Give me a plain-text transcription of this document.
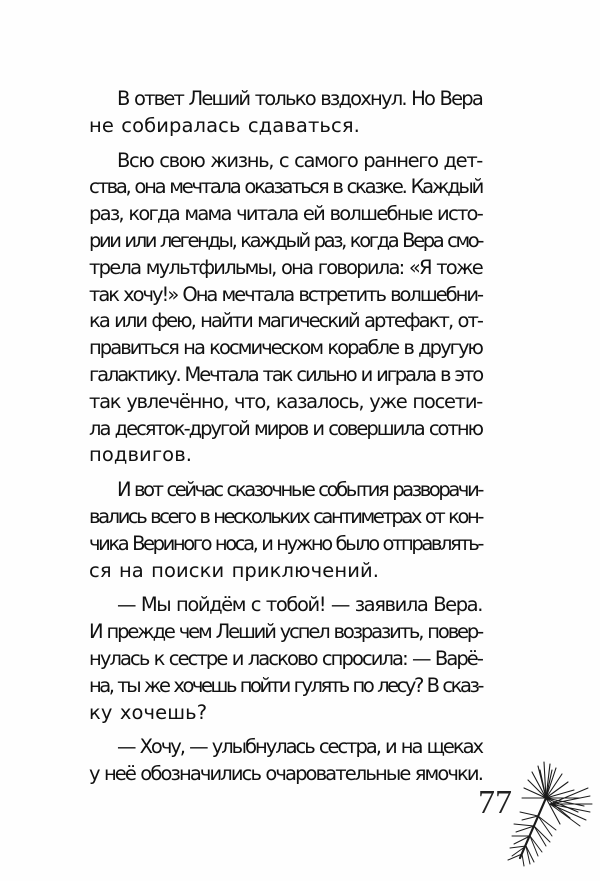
В ответ Леший только вздохнул. Но Вера
не собиралась сдаваться.

Всю свою жизнь, с самого раннего дет-
ства, она мечтала оказаться в сказке. Каждый
раз, когда мама читала ей волшебные исто-
рии или легенды, каждый раз, когда Вера смо-
трела мультфильмы, она говорила: «Я тоже
так хочу!» Она мечтала встретить волшебни-
ка или фею, найти магический артефакт, от-
правиться на космическом корабле в другую
галактику. Мечтала так сильно и играла в это
так увлечённо, что, казалось, уже посети-
ла десяток-другой миров и совершила сотню
подвигов.

И вот сейчас сказочные события разворачи-
вались всего в нескольких сантиметрах от кон-
чика Вериного носа, и нужно было отправлять-
ся на поиски приключений.

— Мы пойдём с тобой! — заявила Вера.
И прежде чем Леший успел возразить, повер-
нулась к сестре и ласково спросила: — Варё-
на, ты же хочешь пойти гулять по лесу? В сказ-
ку хочешь?

— Хочу, — улыбнулась сестра, и на щеках
у неё обозначились очаровательные ямочки.

77
